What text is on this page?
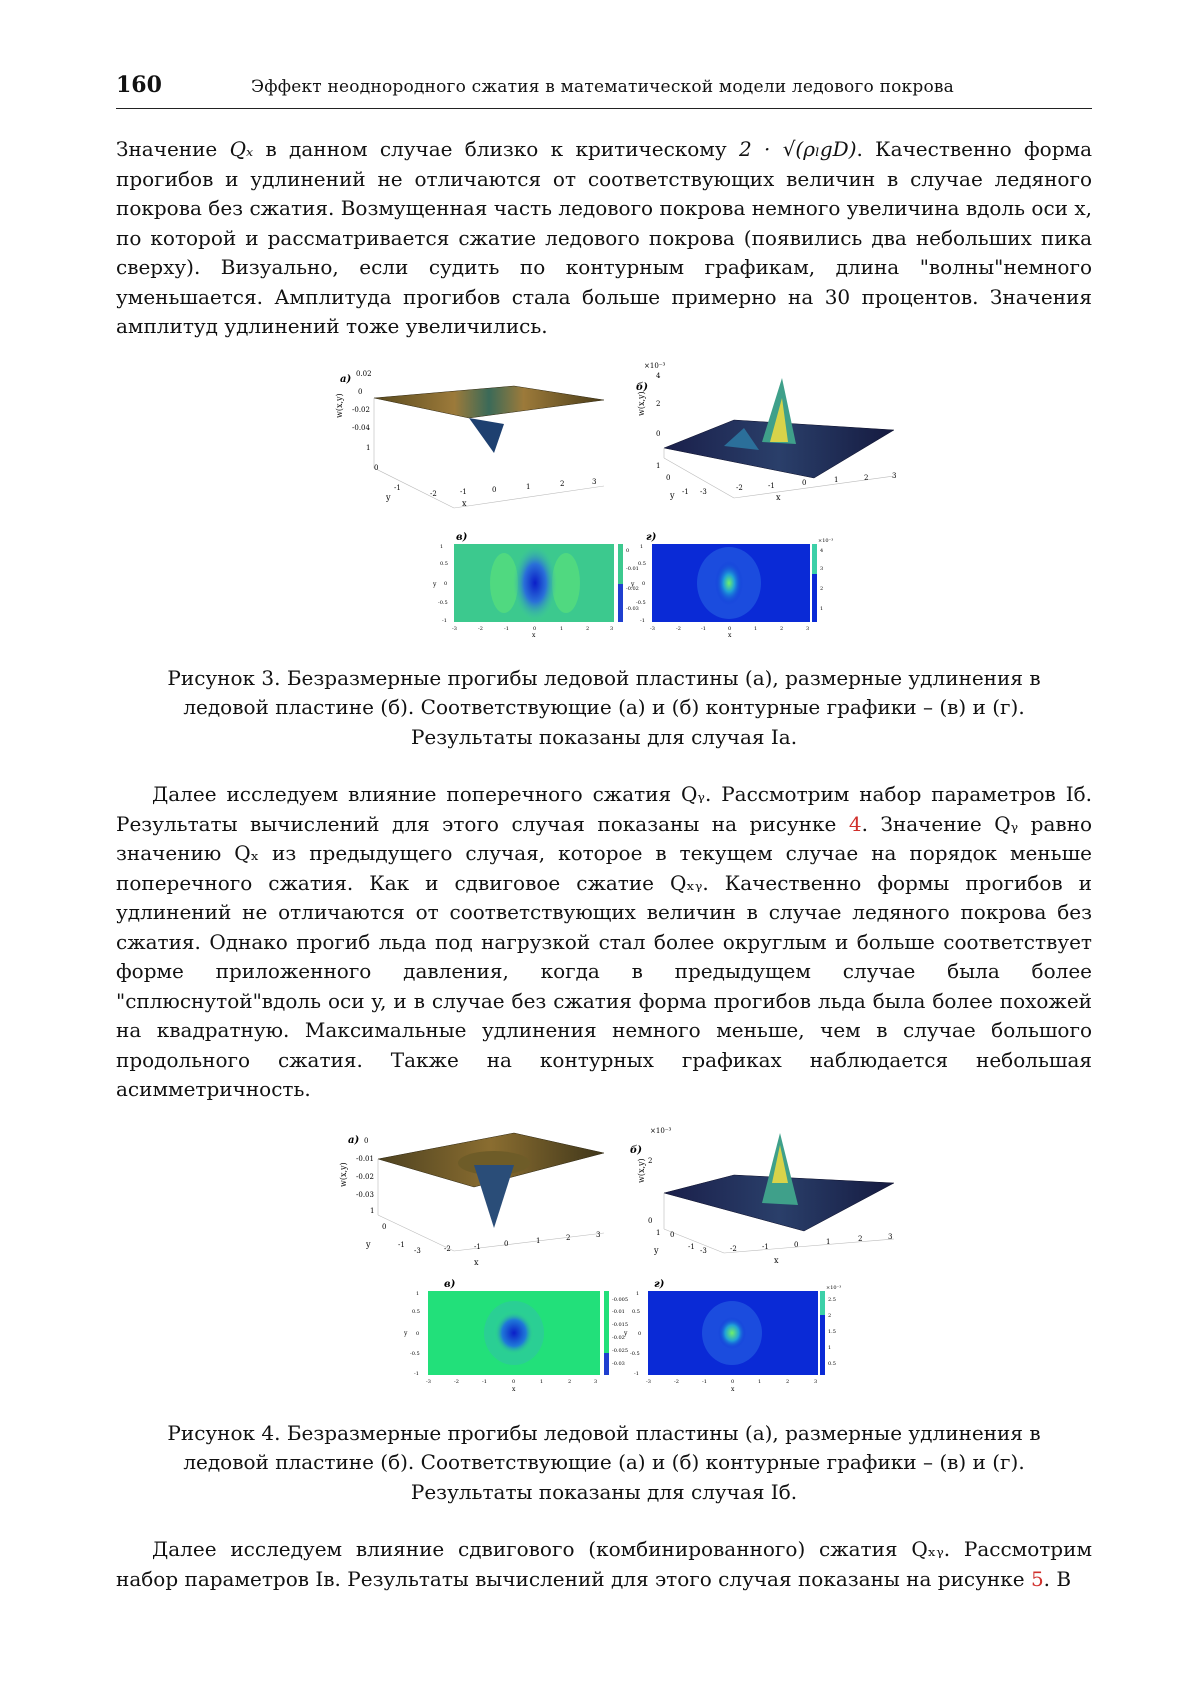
160	Эффект неоднородного сжатия в математической модели ледового покрова

Значение Qₓ в данном случае близко к критическому 2 · √(ρₗgD). Качественно форма прогибов и удлинений не отличаются от соответствующих величин в случае ледяного покрова без сжатия. Возмущенная часть ледового покрова немного увеличина вдоль оси x, по которой и рассматривается сжатие ледового покрова (появились два небольших пика сверху). Визуально, если судить по контурным графикам, длина "волны"немного уменьшается. Амплитуда прогибов стала больше примерно на 30 процентов. Значения амплитуд удлинений тоже увеличились.

а) 0.02
0
-0.02
-0.04
w(x,y)
1
0
-1
y	-2	-1	0	1	2	3
x
×10⁻³
б)
4
2
0
w(x,y)
1
0
-1
y	-3	-2	-1	0	1	2	3
x
в)
0
-0.01
-0.02
-0.03
1
0.5
0
-0.5
-1
y
-3	-2	-1	0	1	2	3
x
г)	×10⁻³
4
3
2
1
1
0.5
0
-0.5
-1
y
-3	-2	-1	0	1	2	3
x
Рисунок 3. Безразмерные прогибы ледовой пластины (а), размерные удлинения в
ледовой пластине (б). Соответствующие (а) и (б) контурные графики – (в) и (г).
Результаты показаны для случая Iа.

Далее исследуем влияние поперечного сжатия Qᵧ. Рассмотрим набор параметров Iб. Результаты вычислений для этого случая показаны на рисунке 4. Значение Qᵧ равно значению Qₓ из предыдущего случая, которое в текущем случае на порядок меньше поперечного сжатия. Как и сдвиговое сжатие Qₓᵧ. Качественно формы прогибов и удлинений не отличаются от соответствующих величин в случае ледяного покрова без сжатия. Однако прогиб льда под нагрузкой стал более округлым и больше соответствует форме приложенного давления, когда в предыдущем случае была более "сплюснутой"вдоль оси y, и в случае без сжатия форма прогибов льда была более похожей на квадратную. Максимальные удлинения немного меньше, чем в случае большого продольного сжатия. Также на контурных графиках наблюдается небольшая асимметричность.

а) 0
-0.01
-0.02
-0.03
w(x,y)
1
0
-1
y
-3	-2	-1	0	1	2	3
x
×10⁻³
б)
2
0
w(x,y)
1 0
-1
y	-3	-2	-1	0	1	2	3
x
в)
-0.005
-0.01
-0.015
-0.02
-0.025
-0.03
1
0.5
0
-0.5
-1
y
-3	-2	-1	0	1	2	3
x
г)	×10⁻³
2.5
2
1.5
1
0.5
1
0.5
0
-0.5
-1
y
-3	-2	-1	0	1	2	3
x
Рисунок 4. Безразмерные прогибы ледовой пластины (а), размерные удлинения в
ледовой пластине (б). Соответствующие (а) и (б) контурные графики – (в) и (г).
Результаты показаны для случая Iб.

Далее исследуем влияние сдвигового (комбинированного) сжатия Qₓᵧ. Рассмотрим набор параметров Iв. Результаты вычислений для этого случая показаны на рисунке 5. В
